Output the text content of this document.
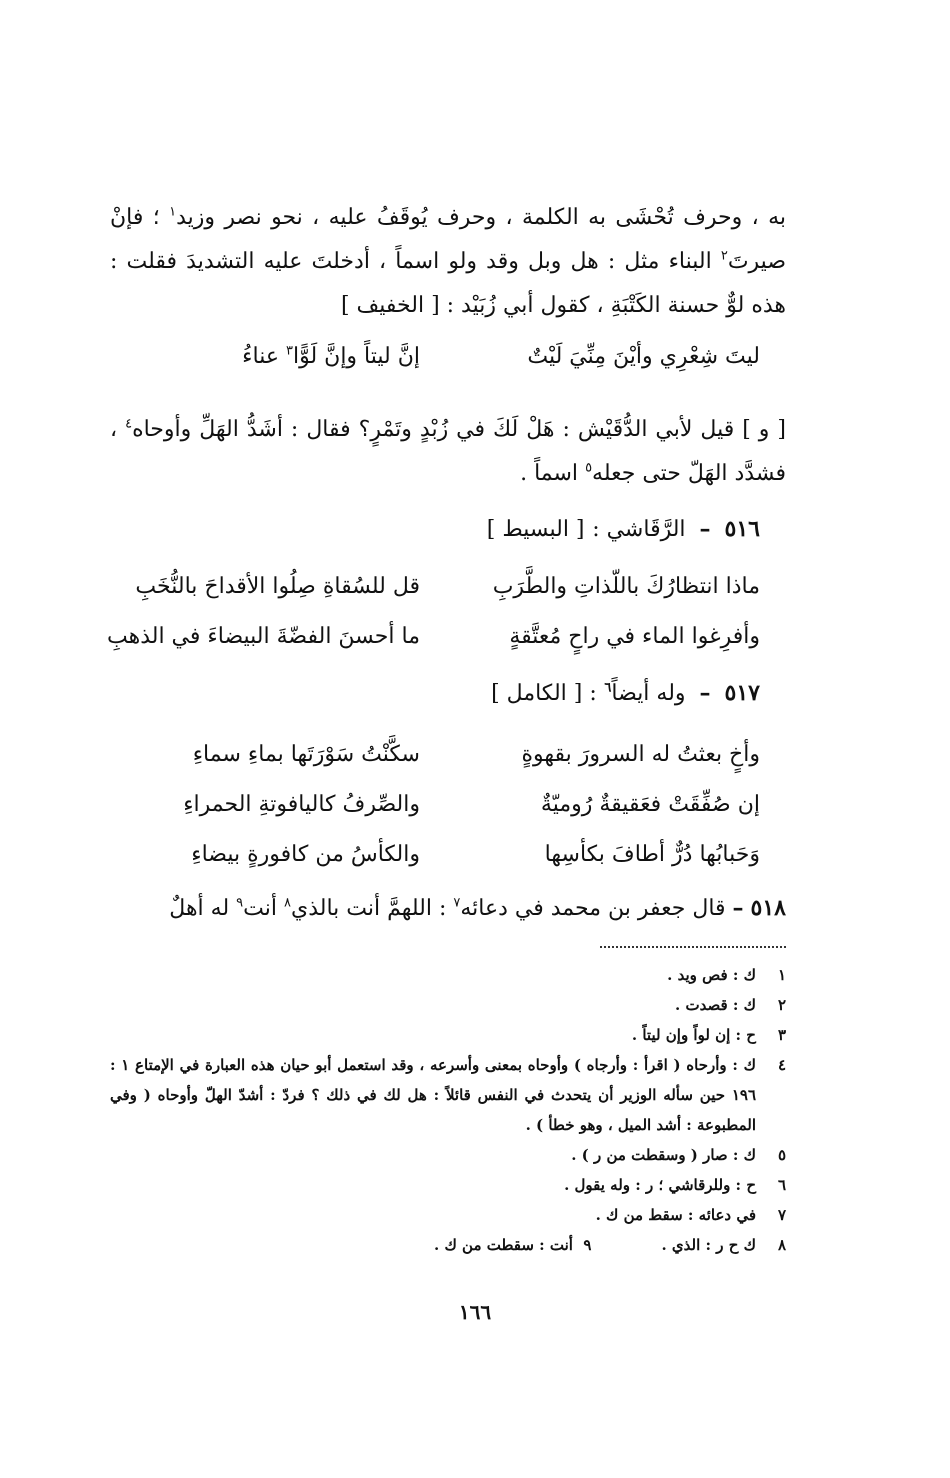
به ، وحرف تُحْشَى به الكلمة ، وحرف يُوقَفُ عليه ، نحو نصر وزيد$^١$ ؛ فإنْ صيرتَ$^٢$ البناء مثل : هل وبل وقد ولو اسماً ، أدخلتَ عليه التشديدَ فقلت : هذه لوٌّ حسنة الكَتْبَةِ ، كقول أبي زُبَيْد : [ الخفيف ]

ليتَ شِعْرِي وأيْنَ مِنِّيَ لَيْتٌ
إنَّ ليتاً وإنَّ لَوًّا$^٣$ عناءُ

[ و ] قيل لأبي الدُّقَيْش : هَلْ لَكَ في زُبْدٍ وتَمْرٍ؟ فقال : أشَدُّ الهَلِّ وأوحاه$^٤$ ، فشدَّد الهَلّ حتى جعله$^٥$ اسماً .

٥١٦–الرَّقَاشي : [ البسيط ]
ماذا انتظارُكَ باللّذاتِ والطَّرَبِ
قل للسُقاةِ صِلُوا الأقداحَ بالنُّخَبِ
وأفرِغوا الماء في راحٍ مُعتَّقةٍ
ما أحسنَ الفضّةَ البيضاءَ في الذهبِ
٥١٧–وله أيضاً$^٦$ : [ الكامل ]
وأخٍ بعثتُ له السرورَ بقهوةٍ
سكَّنْتُ سَوْرَتَها بماءِ سماءِ
إن صُفِّقَتْ فعَقيقةٌ رُوميّةٌ
والصِّرفُ كاليافوتةِ الحمراءِ
وَحَبابُها دُرٌّ أطافَ بكأسِها
والكأسُ من كافورةٍ بيضاءِ

٥١٨ – قال جعفر بن محمد في دعائه$^٧$ : اللهمَّ أنت بالذي$^٨$ أنت$^٩$ له أهلٌ

١
ك : فص ويد .
٢
ك : قصدت .
٣
ح : إن لواً وإن ليتاً .
٤
ك : وأرحاه ( اقرأ : وأرجاه ) وأوحاه بمعنى وأسرعه ، وقد استعمل أبو حيان هذه العبارة في الإمتاع ١ : ١٩٦ حين سأله الوزير أن يتحدث في النفس قائلاً : هل لك في ذلك ؟ فردّ : أشدّ الهلّ وأوحاه ( وفي المطبوعة : أشد الميل ، وهو خطأ ) .
٥
ك : صار ( وسقطت من ر ) .
٦
ح : وللرقاشي ؛ ر : وله يقول .
٧
في دعائه : سقط من ك .
٨
ك ح ر : الذي .٩  أنت : سقطت من ك .
١٦٦
